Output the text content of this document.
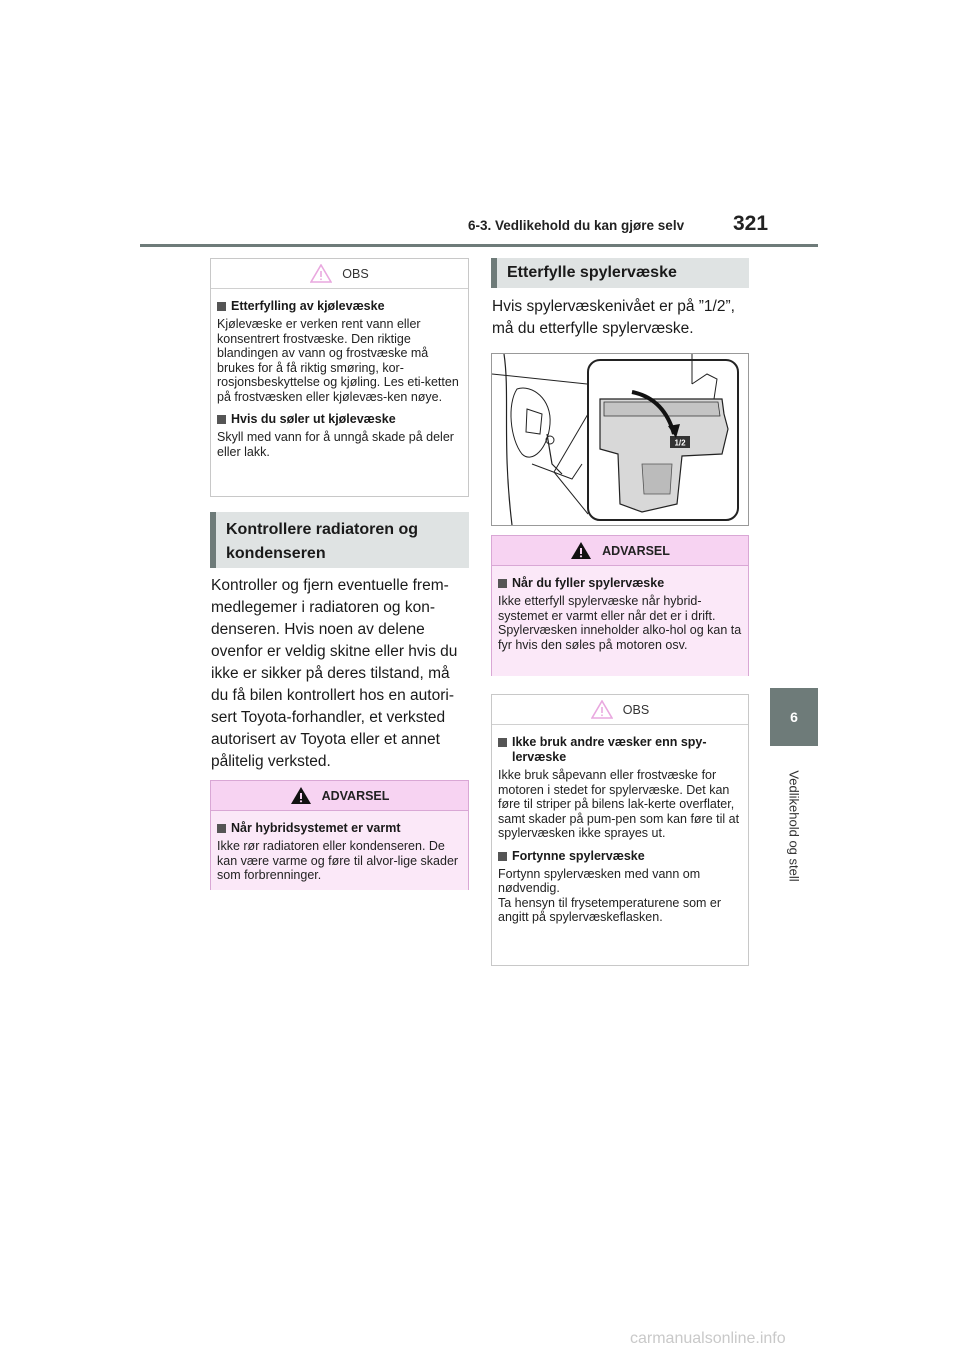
6-3. Vedlikehold du kan gjøre selv 321
6
Vedlikehold og stell
OBS
Etterfylling av kjølevæske
Kjølevæske er verken rent vann eller konsentrert frostvæske. Den riktige blandingen av vann og frostvæske må brukes for å få riktig smøring, kor-rosjonsbeskyttelse og kjøling. Les eti-ketten på frostvæsken eller kjølevæs-ken nøye.
Hvis du søler ut kjølevæske
Skyll med vann for å unngå skade på deler eller lakk.
Kontrollere radiatoren og kondenseren
Kontroller og fjern eventuelle frem-medlegemer i radiatoren og kon-denseren. Hvis noen av delene ovenfor er veldig skitne eller hvis du ikke er sikker på deres tilstand, må du få bilen kontrollert hos en autori-sert Toyota-forhandler, et verksted autorisert av Toyota eller et annet pålitelig verksted.
ADVARSEL
Når hybridsystemet er varmt
Ikke rør radiatoren eller kondenseren. De kan være varme og føre til alvor-lige skader som forbrenninger.
Etterfylle spylervæske
Hvis spylervæskenivået er på ”1/2”, må du etterfylle spylervæske.
1/2
ADVARSEL
Når du fyller spylervæske
Ikke etterfyll spylervæske når hybrid-systemet er varmt eller når det er i drift. Spylervæsken inneholder alko-hol og kan ta fyr hvis den søles på motoren osv.
OBS
Ikke bruk andre væsker enn spy-lervæske
Ikke bruk såpevann eller frostvæske for motoren i stedet for spylervæske. Det kan føre til striper på bilens lak-kerte overflater, samt skader på pum-pen som kan føre til at spylervæsken ikke sprayes ut.
Fortynne spylervæske
Fortynn spylervæsken med vann om nødvendig.
Ta hensyn til frysetemperaturene som er angitt på spylervæskeflasken.
carmanualsonline.info
